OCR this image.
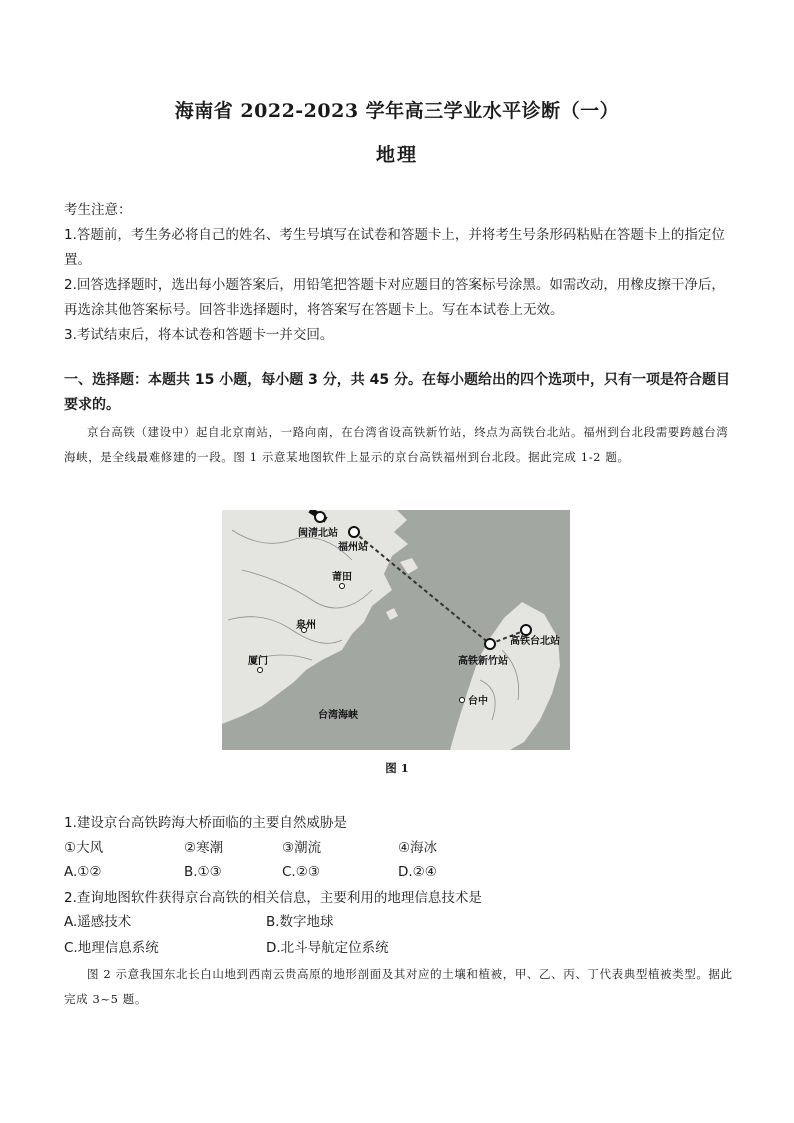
海南省 2022-2023 学年高三学业水平诊断（一）
地理

考生注意：

1.答题前，考生务必将自己的姓名、考生号填写在试卷和答题卡上，并将考生号条形码粘贴在答题卡上的指定位置。

2.回答选择题时，选出每小题答案后，用铅笔把答题卡对应题目的答案标号涂黑。如需改动，用橡皮擦干净后，再选涂其他答案标号。回答非选择题时，将答案写在答题卡上。写在本试卷上无效。

3.考试结束后，将本试卷和答题卡一并交回。

一、选择题：本题共 15 小题，每小题 3 分，共 45 分。在每小题给出的四个选项中，只有一项是符合题目要求的。
京台高铁（建设中）起自北京南站，一路向南，在台湾省设高铁新竹站，终点为高铁台北站。福州到台北段需要跨越台湾海峡，是全线最难修建的一段。图 1 示意某地图软件上显示的京台高铁福州到台北段。据此完成 1-2 题。
闽清北站
福州站
莆田
泉州
厦门
台湾海峡
高铁台北站
高铁新竹站
台中
图 1
1.建设京台高铁跨海大桥面临的主要自然威胁是
①大风	②寒潮	③潮流	④海冰
A.①②	B.①③	C.②③	D.②④
2.查询地图软件获得京台高铁的相关信息，主要利用的地理信息技术是
A.遥感技术	B.数字地球
C.地理信息系统	D.北斗导航定位系统
图 2 示意我国东北长白山地到西南云贵高原的地形剖面及其对应的土壤和植被，甲、乙、丙、丁代表典型植被类型。据此完成 3~5 题。
